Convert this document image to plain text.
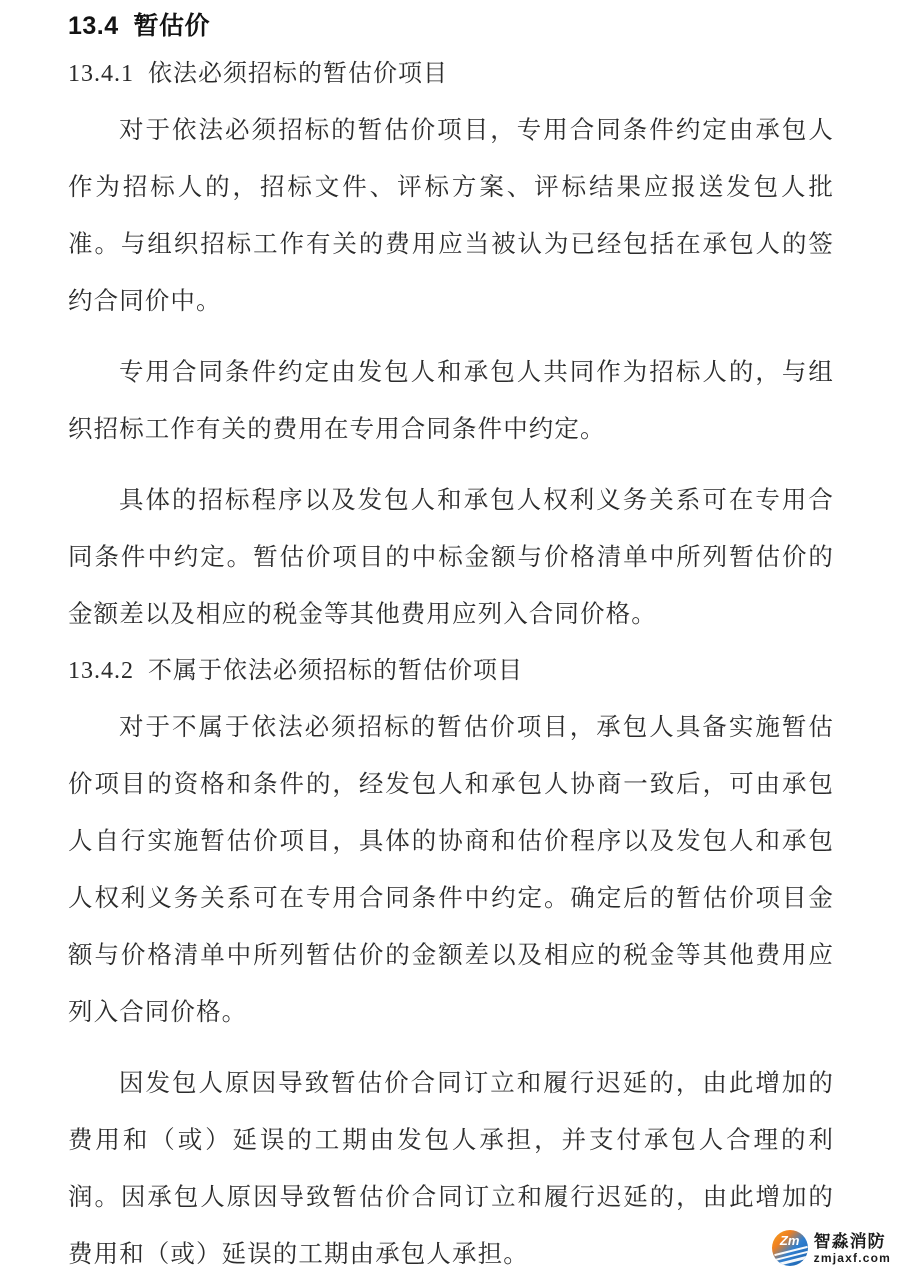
13.4  暂估价
13.4.1  依法必须招标的暂估价项目

对于依法必须招标的暂估价项目，专用合同条件约定由承包人作为招标人的，招标文件、评标方案、评标结果应报送发包人批准。与组织招标工作有关的费用应当被认为已经包括在承包人的签约合同价中。

专用合同条件约定由发包人和承包人共同作为招标人的，与组织招标工作有关的费用在专用合同条件中约定。

具体的招标程序以及发包人和承包人权利义务关系可在专用合同条件中约定。暂估价项目的中标金额与价格清单中所列暂估价的金额差以及相应的税金等其他费用应列入合同价格。

13.4.2  不属于依法必须招标的暂估价项目

对于不属于依法必须招标的暂估价项目，承包人具备实施暂估价项目的资格和条件的，经发包人和承包人协商一致后，可由承包人自行实施暂估价项目，具体的协商和估价程序以及发包人和承包人权利义务关系可在专用合同条件中约定。确定后的暂估价项目金额与价格清单中所列暂估价的金额差以及相应的税金等其他费用应列入合同价格。

因发包人原因导致暂估价合同订立和履行迟延的，由此增加的费用和（或）延误的工期由发包人承担，并支付承包人合理的利润。因承包人原因导致暂估价合同订立和履行迟延的，由此增加的费用和（或）延误的工期由承包人承担。

Zm 智淼消防
zmjaxf.com
